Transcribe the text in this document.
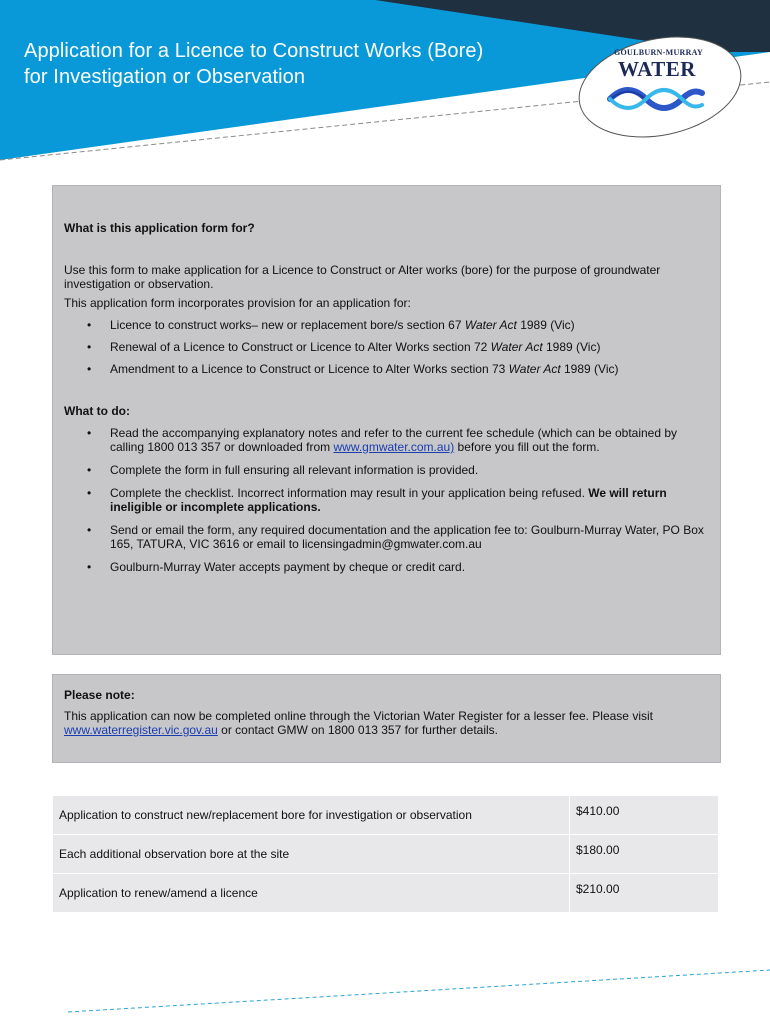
Application for a Licence to Construct Works (Bore)
for Investigation or Observation
GOULBURN-MURRAY
WATER

What is this application form for?

Use this form to make application for a Licence to Construct or Alter works (bore) for the purpose of groundwater investigation or observation.

This application form incorporates provision for an application for:

• Licence to construct works– new or replacement bore/s section 67 Water Act 1989 (Vic)
• Renewal of a Licence to Construct or Licence to Alter Works section 72 Water Act 1989 (Vic)
• Amendment to a Licence to Construct or Licence to Alter Works section 73 Water Act 1989 (Vic)

What to do:

• Read the accompanying explanatory notes and refer to the current fee schedule (which can be obtained by calling 1800 013 357 or downloaded from www.gmwater.com.au) before you fill out the form.
• Complete the form in full ensuring all relevant information is provided.
• Complete the checklist. Incorrect information may result in your application being refused. We will return ineligible or incomplete applications.
• Send or email the form, any required documentation and the application fee to: Goulburn-Murray Water, PO Box 165, TATURA, VIC 3616 or email to licensingadmin@gmwater.com.au
• Goulburn-Murray Water accepts payment by cheque or credit card.

Please note:

This application can now be completed online through the Victorian Water Register for a lesser fee. Please visit www.waterregister.vic.gov.au or contact GMW on 1800 013 357 for further details.

Application to construct new/replacement bore for investigation or observation	$410.00
Each additional observation bore at the site	$180.00
Application to renew/amend a licence	$210.00
